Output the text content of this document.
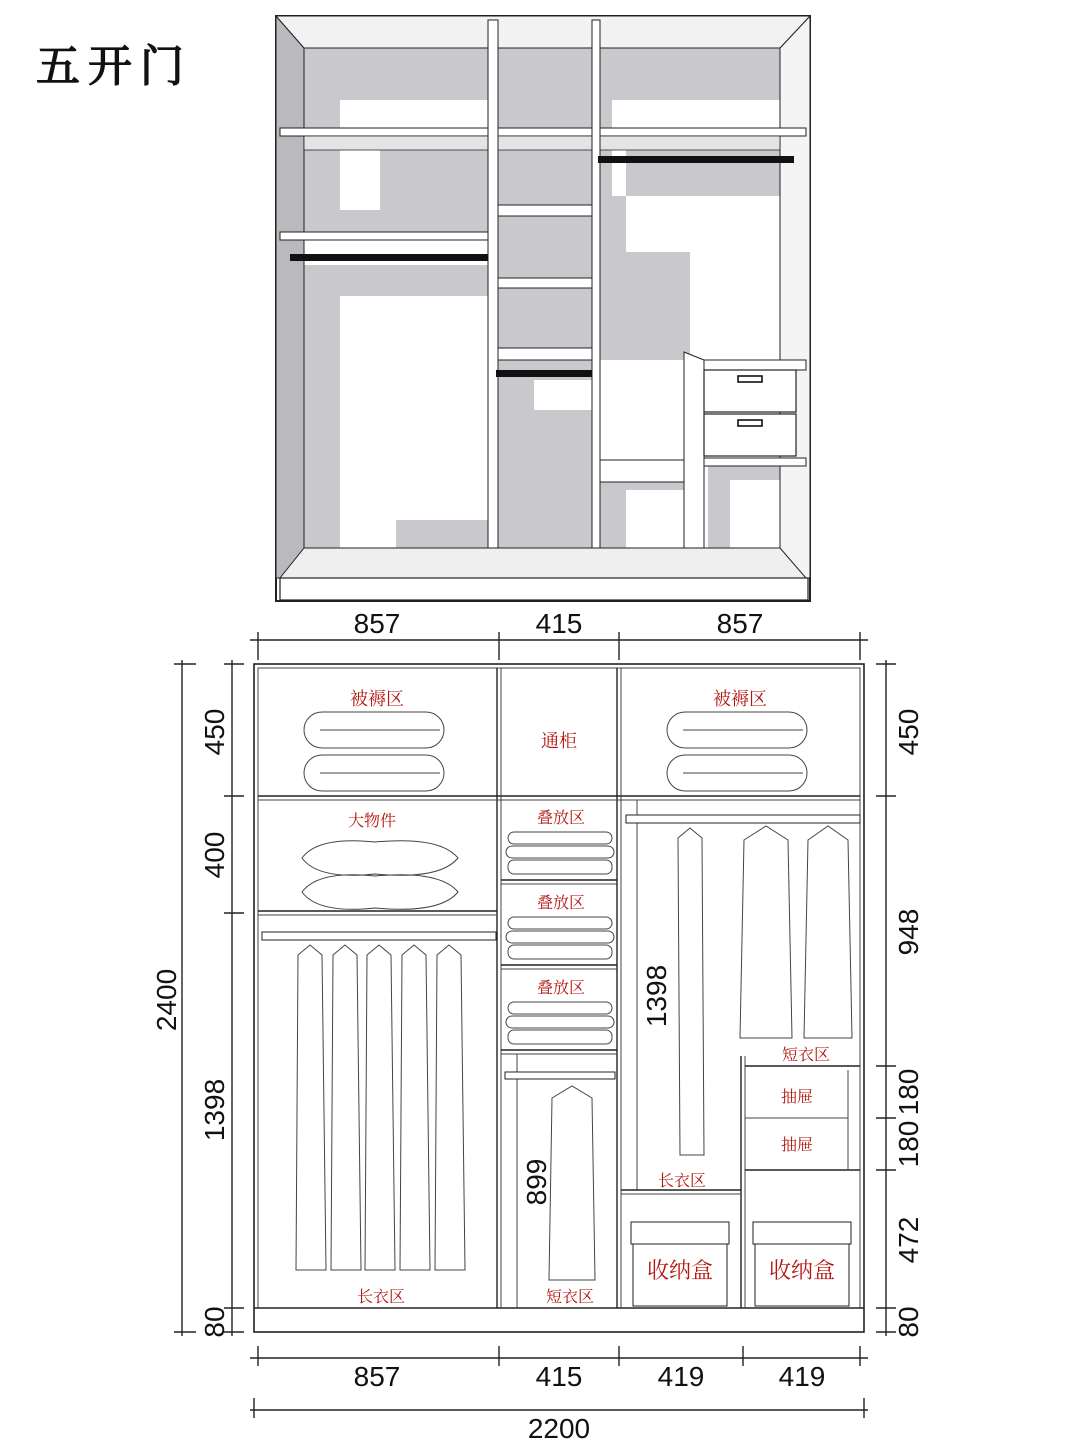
五开门
被褥区	被褥区
通柜
大物件	叠放区
叠放区
叠放区
长衣区	短衣区
长衣区
短衣区
抽屉
抽屉
收纳盒	收纳盒
857	415	857
857	415	419	419
2200
2400
450
400
1398
80
450
948
180
180
472
80
899
1398
